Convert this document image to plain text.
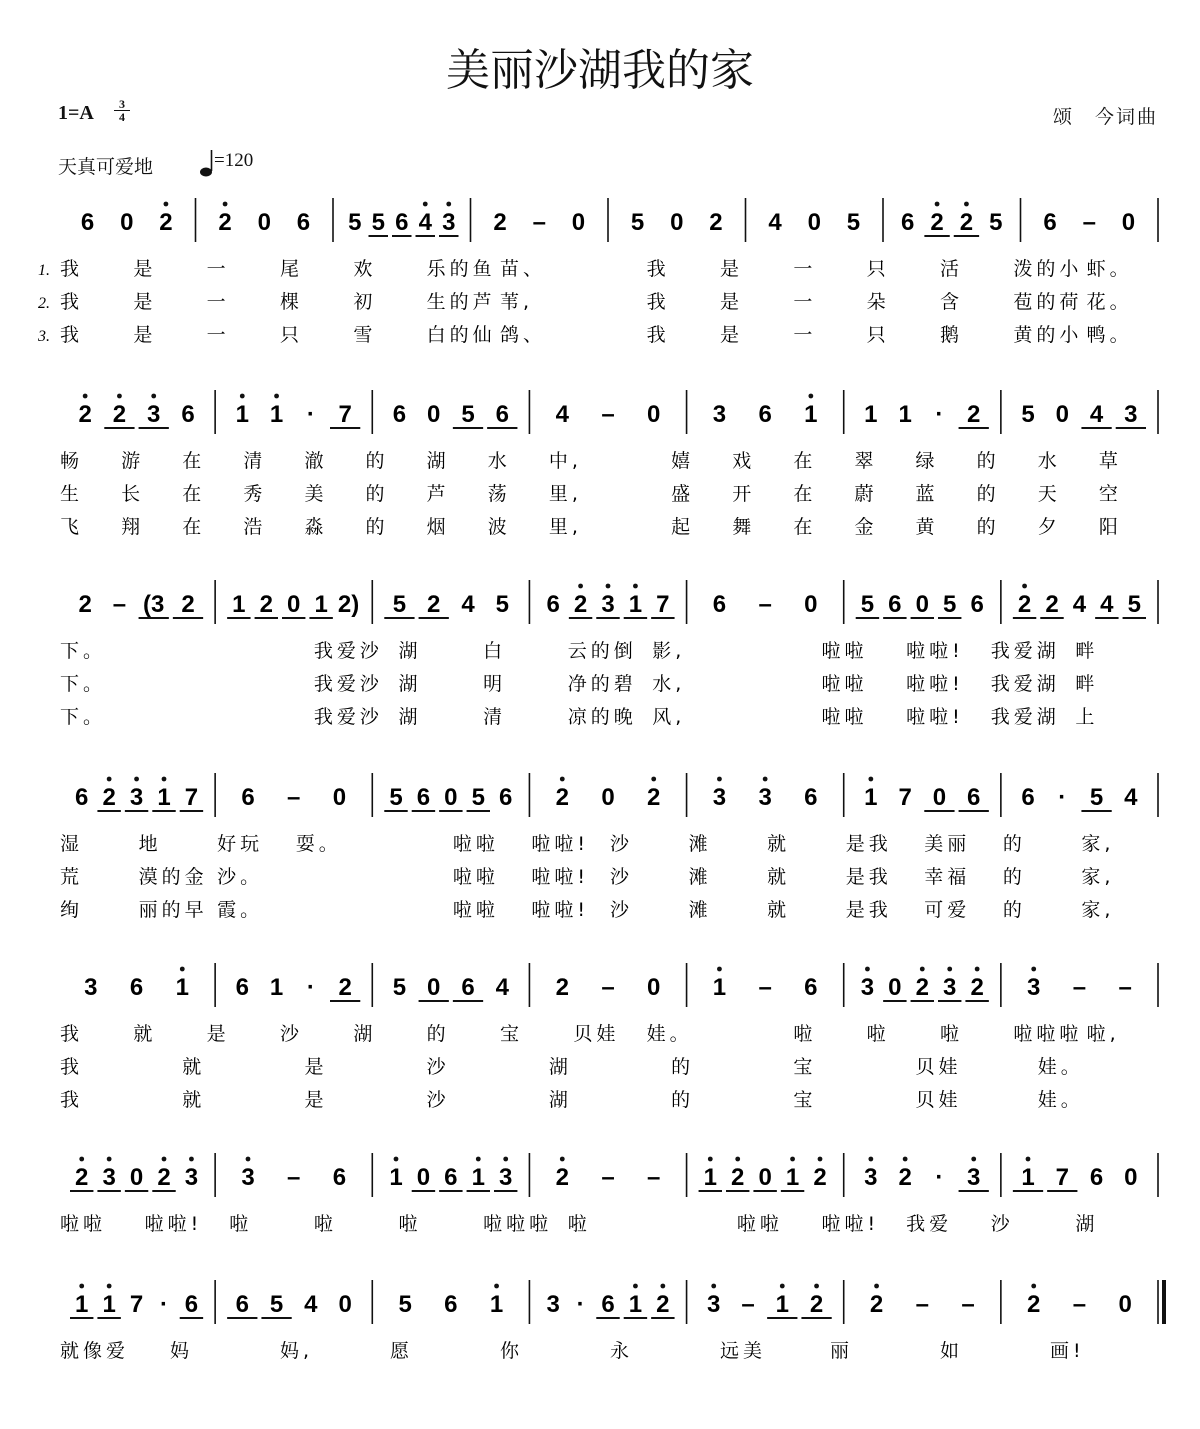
美丽沙湖我的家
1=A	3
4	颂　今词曲
天真可爱地	=120
6 0 2 2 0 6 5 5 6 4 3 2 – 0 5 0 2 4 0 5 6 2 2 5 6 – 0
1. 我	是	一	尾	欢	乐的鱼 苗、	我	是	一	只	活	泼的小 虾。
2. 我	是	一	棵	初	生的芦 苇,	我	是	一	朵	含	苞的荷 花。
3. 我	是	一	只	雪	白的仙 鸽、	我	是	一	只	鹅	黄的小 鸭。
2 2 3 6 1 1 · 7 6 0 5 6 4 – 0 3 6 1 1 1 · 2 5 0 4 3
畅 游 在 清 澈 的 湖 水 中,	嬉 戏 在 翠 绿 的 水 草
生 长 在 秀 美 的 芦 荡 里,	盛 开 在 蔚 蓝 的 天 空
飞 翔 在 浩 淼 的 烟 波 里,	起 舞 在 金 黄 的 夕 阳
2 – (3 2 1 2 0 1 2) 5 2 4 5 6 2 3 1 7 6 – 0 5 6 0 5 6 2 2 4 4 5
下。	我爱沙 湖	白	云的倒 影,	啦啦 啦啦! 我爱湖 畔
下。	我爱沙 湖	明	净的碧 水,	啦啦 啦啦! 我爱湖 畔
下。	我爱沙 湖	清	凉的晚 风,	啦啦 啦啦! 我爱湖 上
6 2 3 1 7 6 – 0 5 6 0 5 6 2 0 2 3 3 6 1 7 0 6 6 · 5 4
湿	地	好玩 耍。	啦啦 啦啦! 沙	滩	就	是我 美丽 的	家,
荒	漠的金 沙。	啦啦 啦啦! 沙	滩	就	是我 幸福 的	家,
绚	丽的早 霞。	啦啦 啦啦! 沙	滩	就	是我 可爱 的	家,
3 6 1 6 1 · 2 5 0 6 4 2 – 0 1 – 6 3 0 2 3 2 3 – –
我	就	是	沙	湖	的	宝	贝娃 娃。	啦	啦	啦	啦啦啦 啦,
我	就	是	沙	湖	的	宝	贝娃	娃。
我	就	是	沙	湖	的	宝	贝娃	娃。
2 3 0 2 3 3 – 6 1 0 6 1 3 2 – – 1 2 0 1 2 3 2 · 3 1 7 6 0
啦啦 啦啦! 啦	啦	啦	啦啦啦 啦	啦啦 啦啦! 我爱 沙	湖
1 1 7 · 6 6 5 4 0 5 6 1 3 · 6 1 2 3 – 1 2 2 – – 2 – 0
就像爱 妈	妈,	愿	你	永	远美	丽	如	画!
